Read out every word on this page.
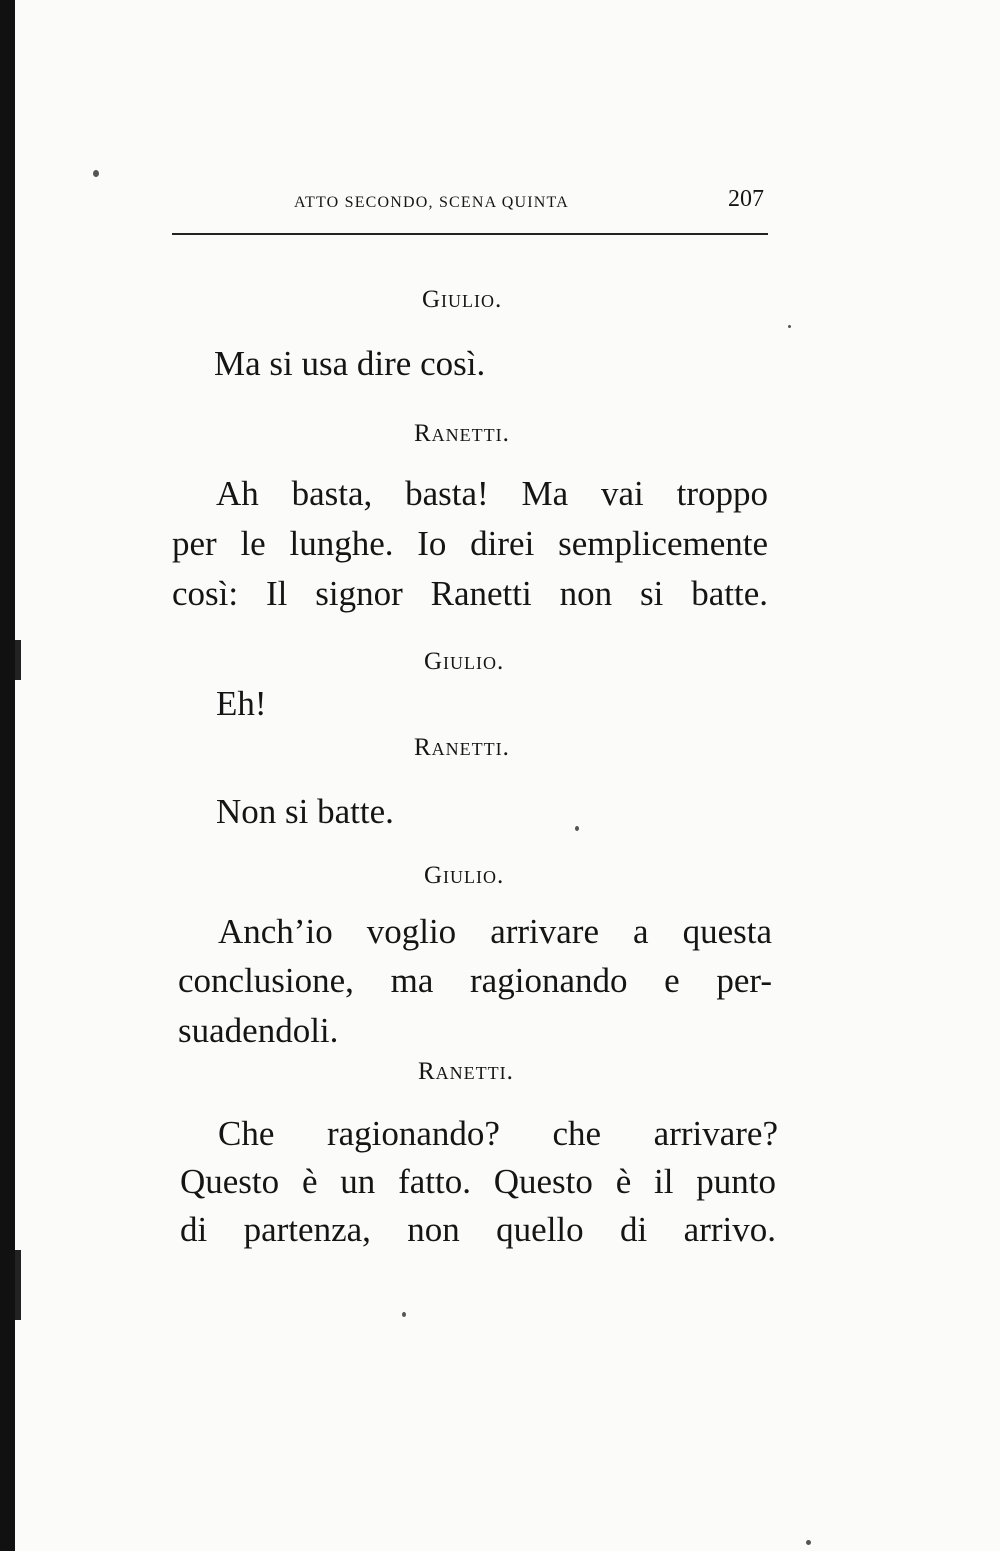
ATTO SECONDO, SCENA QUINTA	207
Giulio.
Ma si usa dire così.
Ranetti.
Ah basta, basta! Ma vai troppo
per le lunghe. Io direi semplicemente
così: Il signor Ranetti non si batte.
Giulio.
Eh!
Ranetti.
Non si batte.
Giulio.
Anch’io voglio arrivare a questa
conclusione, ma ragionando e per-
suadendoli.
Ranetti.
Che ragionando? che arrivare?
Questo è un fatto. Questo è il punto
di partenza, non quello di arrivo.
